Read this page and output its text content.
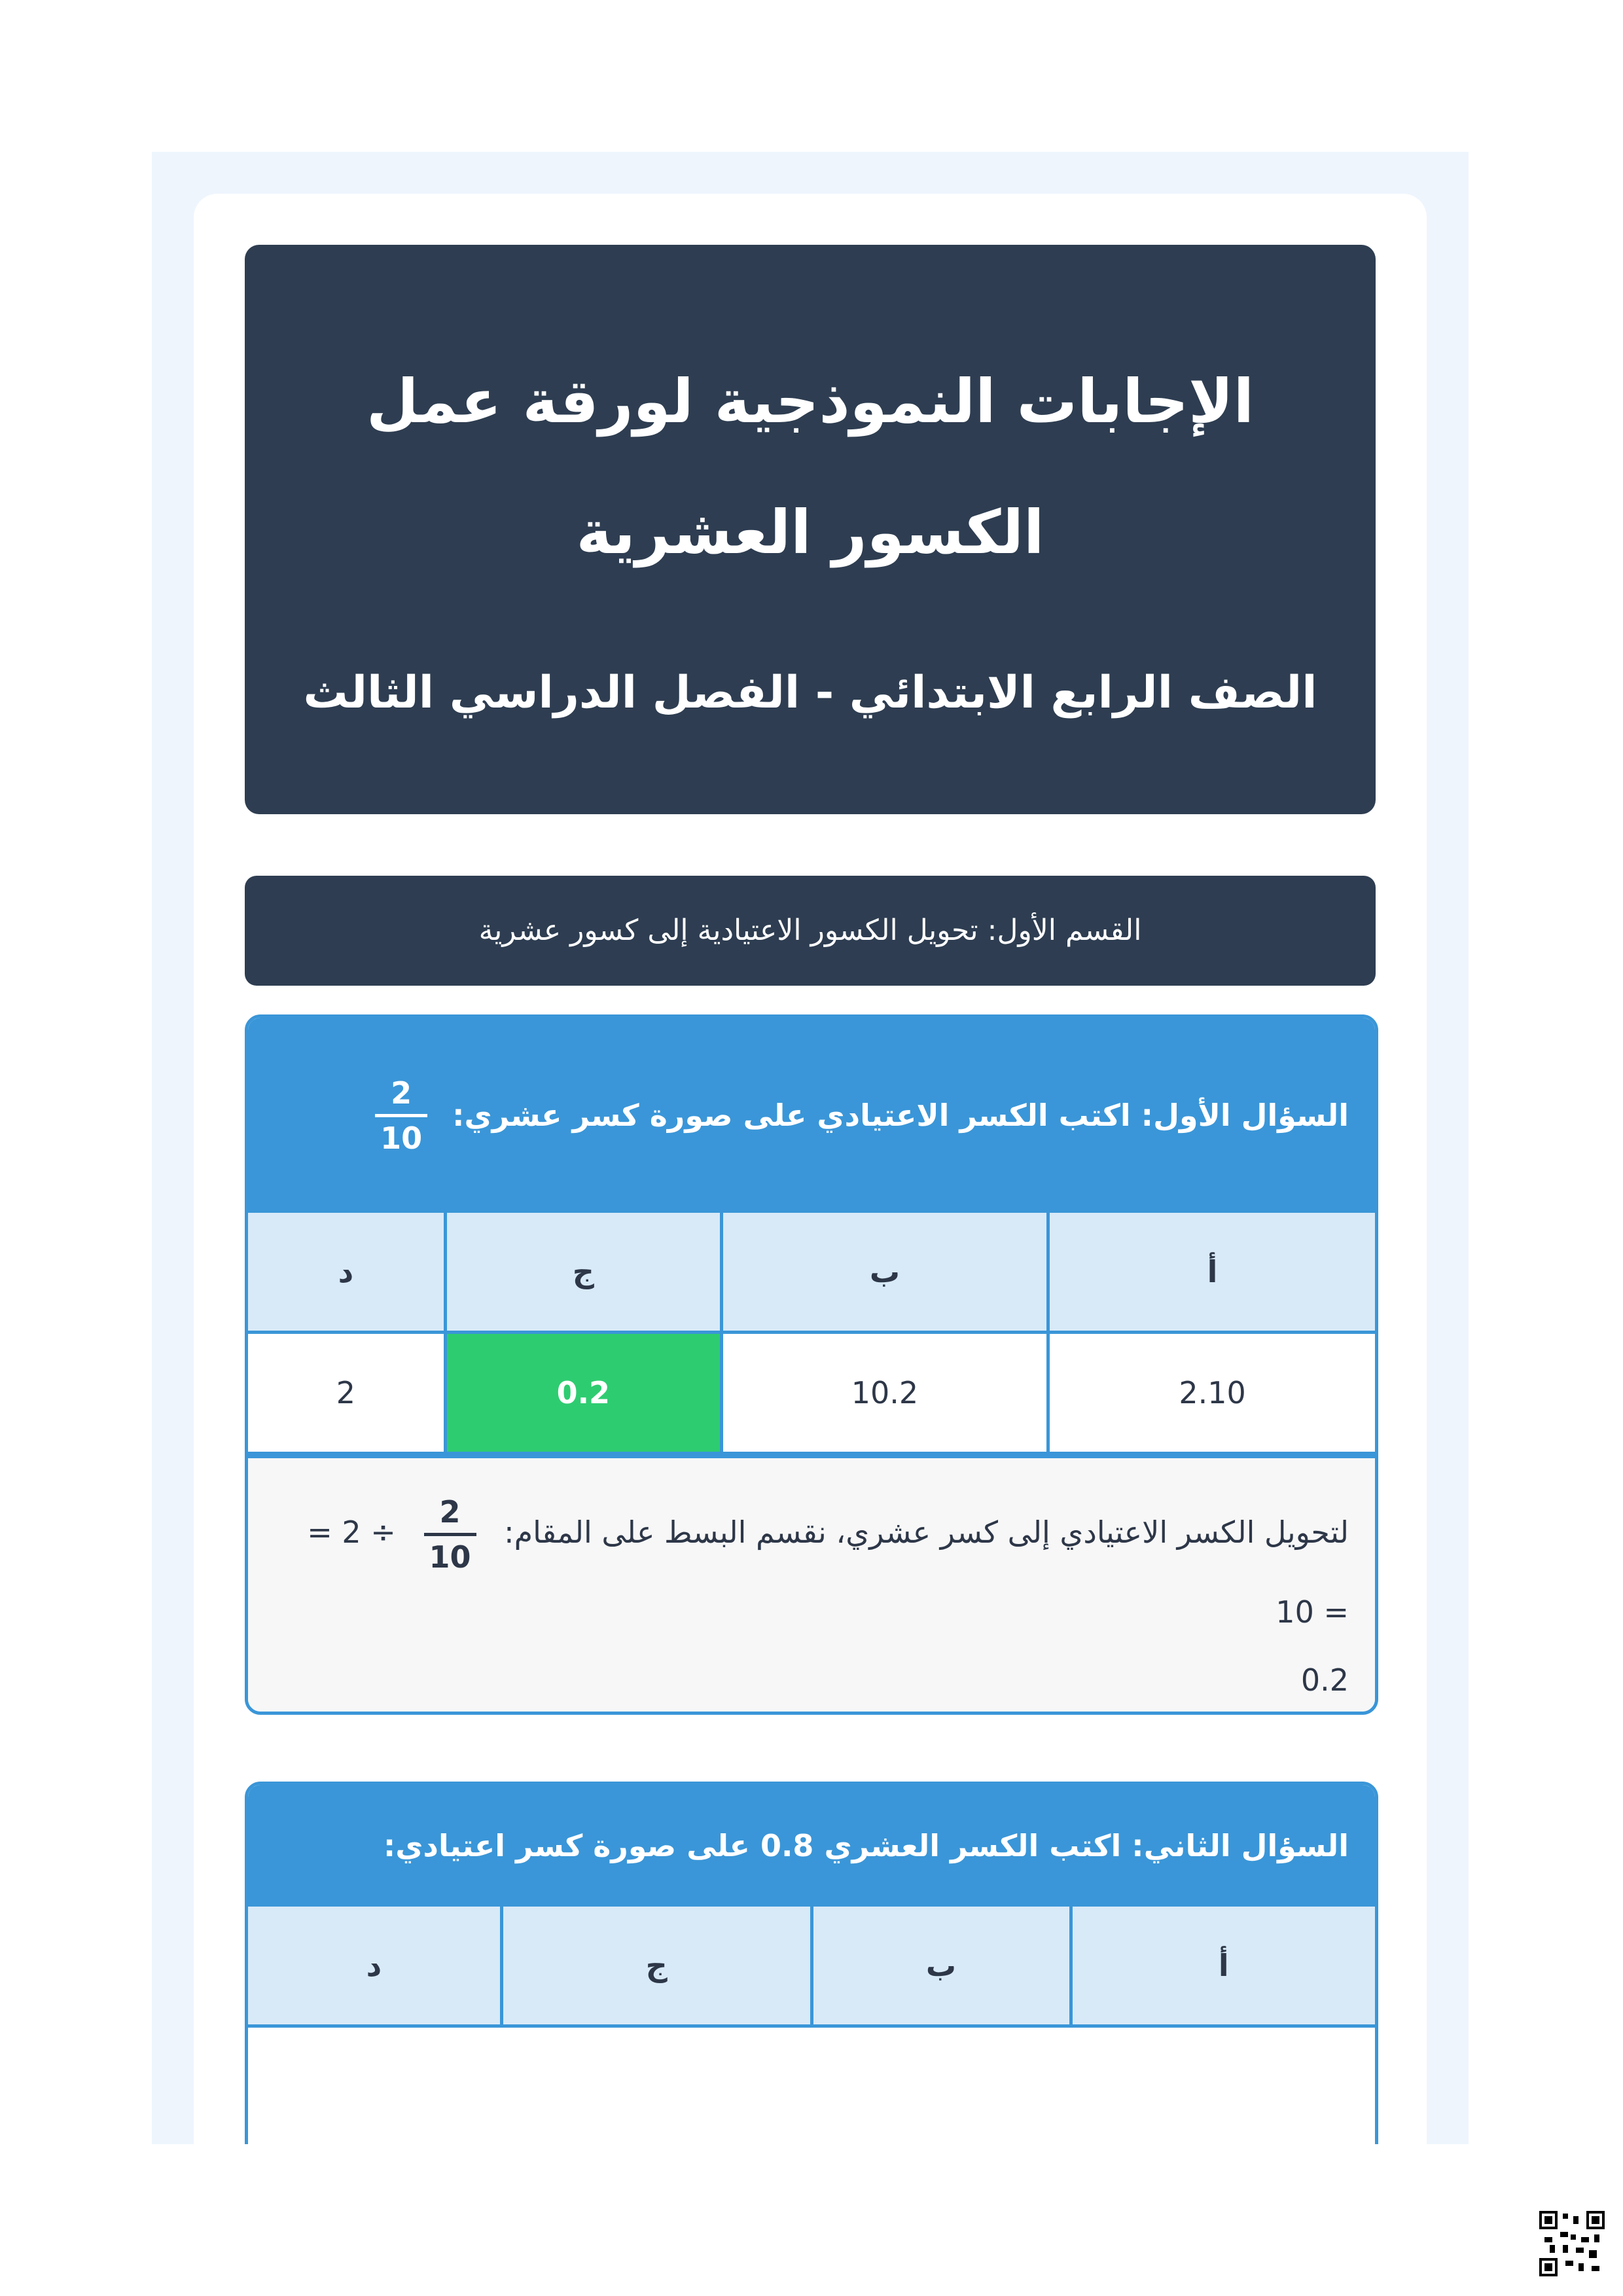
الإجابات النموذجية لورقة عمل الكسور العشرية
الصف الرابع الابتدائي - الفصل الدراسي الثالث
القسم الأول: تحويل الكسور الاعتيادية إلى كسور عشرية
السؤال الأول: اكتب الكسر الاعتيادي على صورة كسر عشري:
2
10
أ	ب	ج	د
2.10	10.2	0.2	2
لتحويل الكسر الاعتيادي إلى كسر عشري، نقسم البسط على المقام:
2
10
= 2 ÷ 10 =
0.2
السؤال الثاني: اكتب الكسر العشري 0.8 على صورة كسر اعتيادي:
أ	ب	ج	د
